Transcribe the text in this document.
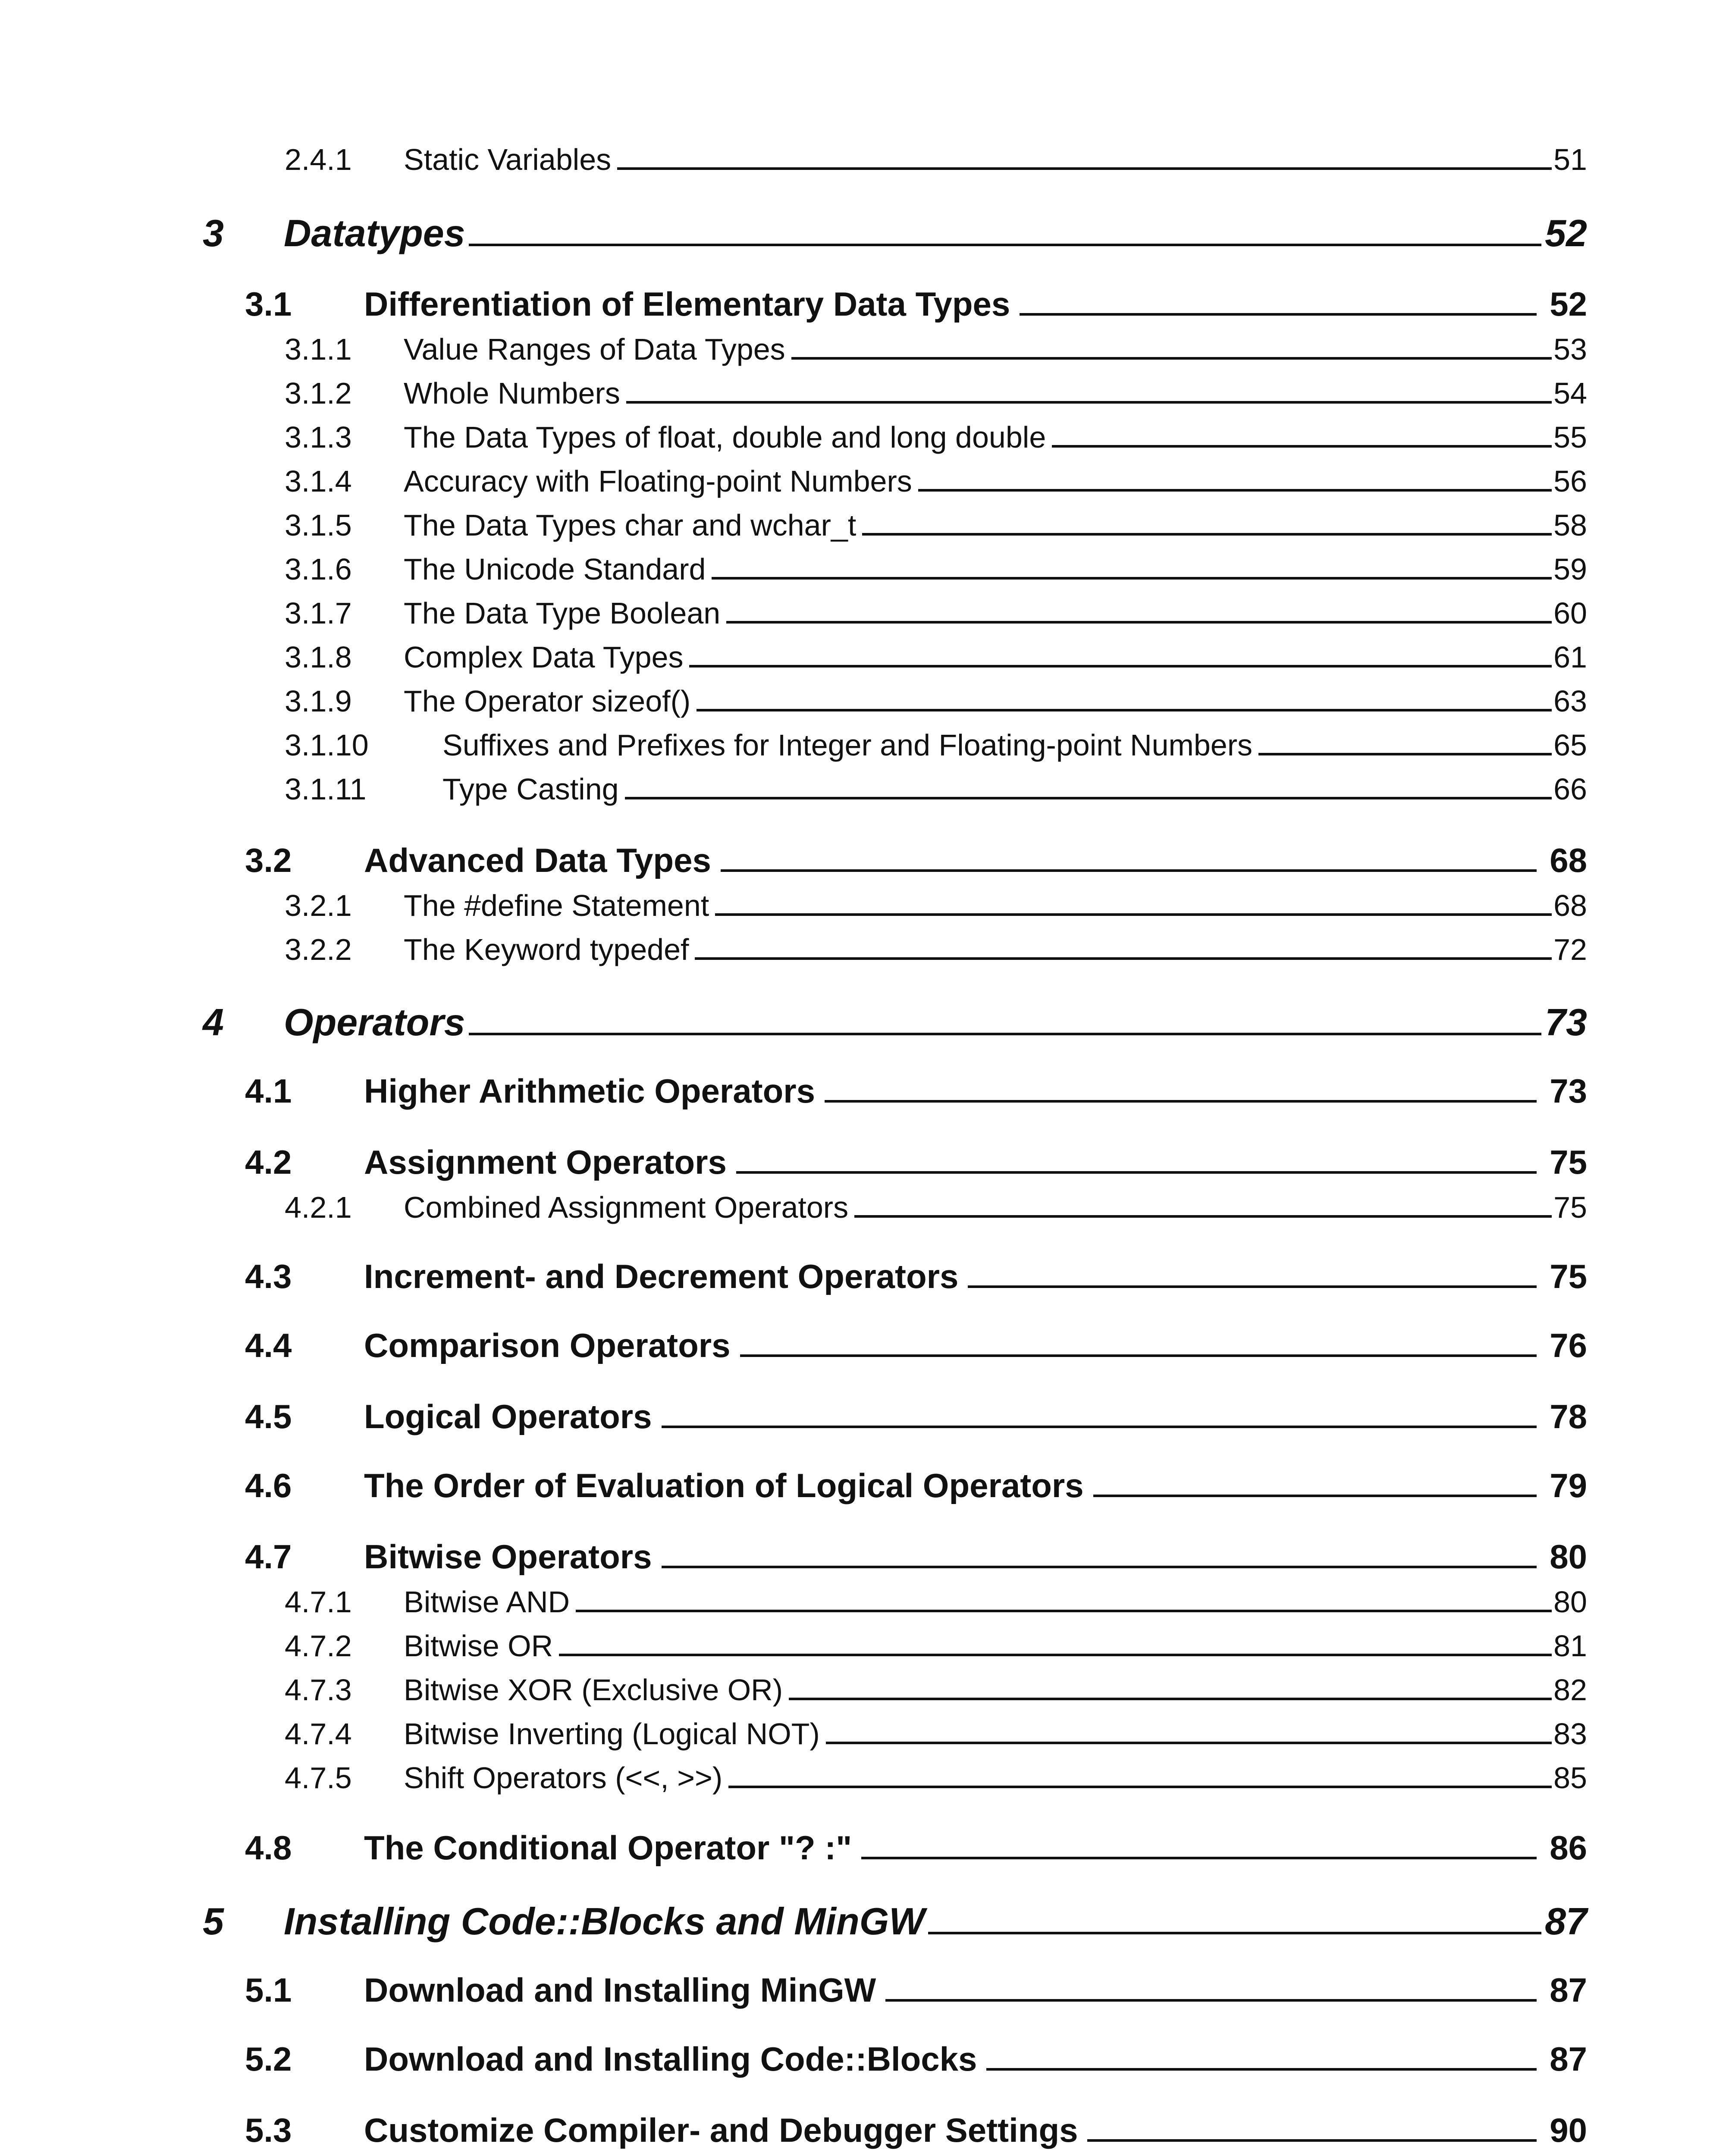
2.4.1	Static Variables	51
3	Datatypes	52
3.1	Differentiation of Elementary Data Types	52
3.1.1	Value Ranges of Data Types	53
3.1.2	Whole Numbers	54
3.1.3	The Data Types of float, double and long double	55
3.1.4	Accuracy with Floating-point Numbers	56
3.1.5	The Data Types char and wchar_t	58
3.1.6	The Unicode Standard	59
3.1.7	The Data Type Boolean	60
3.1.8	Complex Data Types	61
3.1.9	The Operator sizeof()	63
3.1.10	Suffixes and Prefixes for Integer and Floating-point Numbers	65
3.1.11	Type Casting	66
3.2	Advanced Data Types	68
3.2.1	The #define Statement	68
3.2.2	The Keyword typedef	72
4	Operators	73
4.1	Higher Arithmetic Operators	73
4.2	Assignment Operators	75
4.2.1	Combined Assignment Operators	75
4.3	Increment- and Decrement Operators	75
4.4	Comparison Operators	76
4.5	Logical Operators	78
4.6	The Order of Evaluation of Logical Operators	79
4.7	Bitwise Operators	80
4.7.1	Bitwise AND	80
4.7.2	Bitwise OR	81
4.7.3	Bitwise XOR (Exclusive OR)	82
4.7.4	Bitwise Inverting (Logical NOT)	83
4.7.5	Shift Operators (<<, >>)	85
4.8	The Conditional Operator "? :"	86
5	Installing Code::Blocks and MinGW	87
5.1	Download and Installing MinGW	87
5.2	Download and Installing Code::Blocks	87
5.3	Customize Compiler- and Debugger Settings	90
